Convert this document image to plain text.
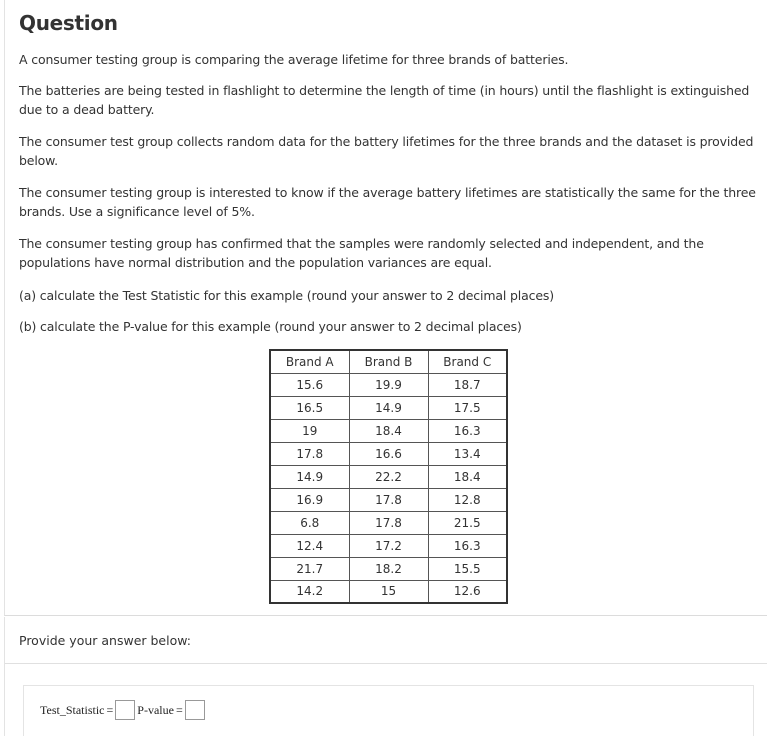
Question
A consumer testing group is comparing the average lifetime for three brands of batteries.
The batteries are being tested in flashlight to determine the length of time (in hours) until the flashlight is extinguished due to a dead battery.
The consumer test group collects random data for the battery lifetimes for the three brands and the dataset is provided below.
The consumer testing group is interested to know if the average battery lifetimes are statistically the same for the three brands. Use a significance level of 5%.
The consumer testing group has confirmed that the samples were randomly selected and independent, and the populations have normal distribution and the population variances are equal.
(a) calculate the Test Statistic for this example (round your answer to 2 decimal places)
(b) calculate the P-value for this example (round your answer to 2 decimal places)
Brand A	Brand B	Brand C
15.6	19.9	18.7
16.5	14.9	17.5
19	18.4	16.3
17.8	16.6	13.4
14.9	22.2	18.4
16.9	17.8	12.8
6.8	17.8	21.5
12.4	17.2	16.3
21.7	18.2	15.5
14.2	15	12.6
Provide your answer below:
Test_Statistic = P-value =
